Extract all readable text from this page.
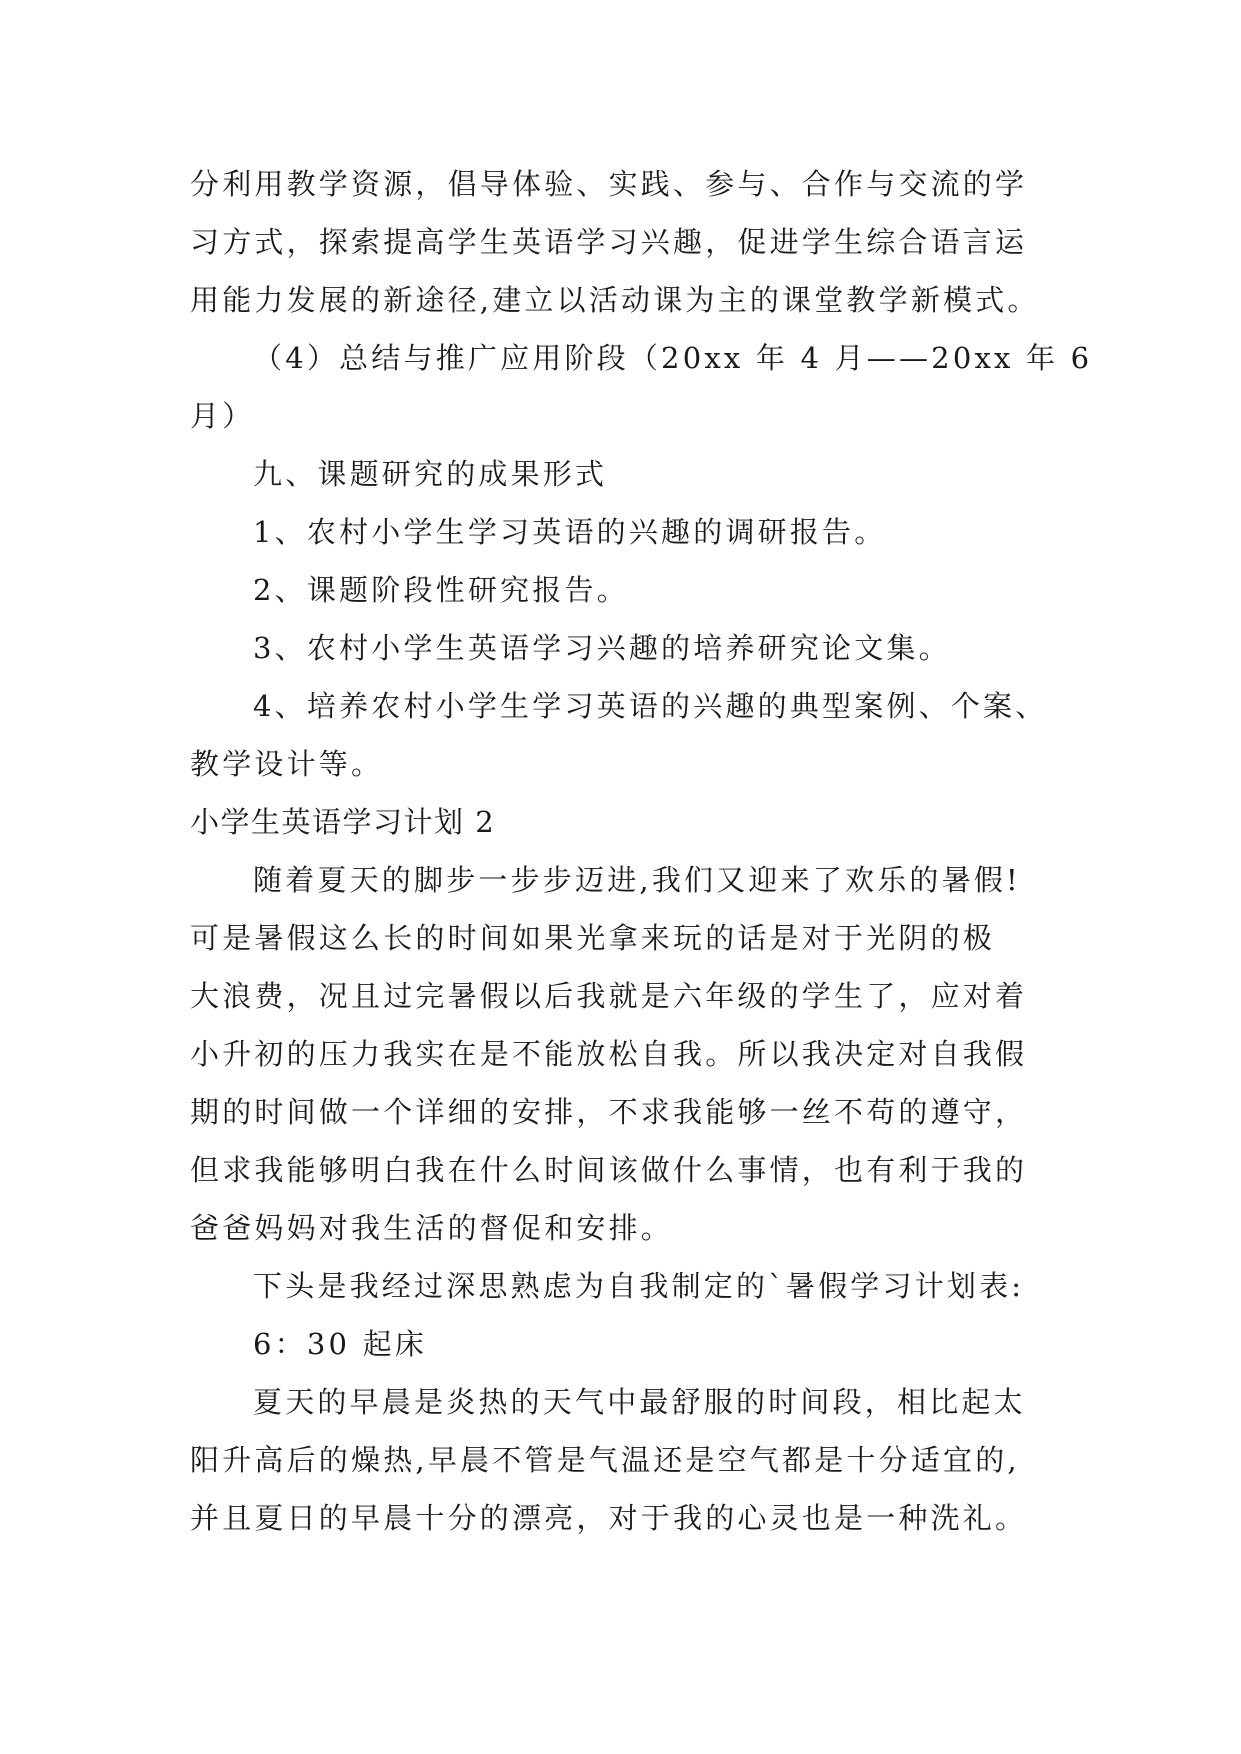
分利用教学资源，倡导体验、实践、参与、合作与交流的学
习方式，探索提高学生英语学习兴趣，促进学生综合语言运
用能力发展的新途径,建立以活动课为主的课堂教学新模式。
（4）总结与推广应用阶段（20xx 年 4 月——20xx 年 6
月）
九、课题研究的成果形式
1、农村小学生学习英语的兴趣的调研报告。
2、课题阶段性研究报告。
3、农村小学生英语学习兴趣的培养研究论文集。
4、培养农村小学生学习英语的兴趣的典型案例、个案、
教学设计等。
小学生英语学习计划 2
随着夏天的脚步一步步迈进,我们又迎来了欢乐的暑假!
可是暑假这么长的时间如果光拿来玩的话是对于光阴的极
大浪费，况且过完暑假以后我就是六年级的学生了，应对着
小升初的压力我实在是不能放松自我。所以我决定对自我假
期的时间做一个详细的安排，不求我能够一丝不苟的遵守，
但求我能够明白我在什么时间该做什么事情，也有利于我的
爸爸妈妈对我生活的督促和安排。
下头是我经过深思熟虑为自我制定的`暑假学习计划表:
6：30 起床
夏天的早晨是炎热的天气中最舒服的时间段，相比起太
阳升高后的燥热,早晨不管是气温还是空气都是十分适宜的,
并且夏日的早晨十分的漂亮，对于我的心灵也是一种洗礼。
